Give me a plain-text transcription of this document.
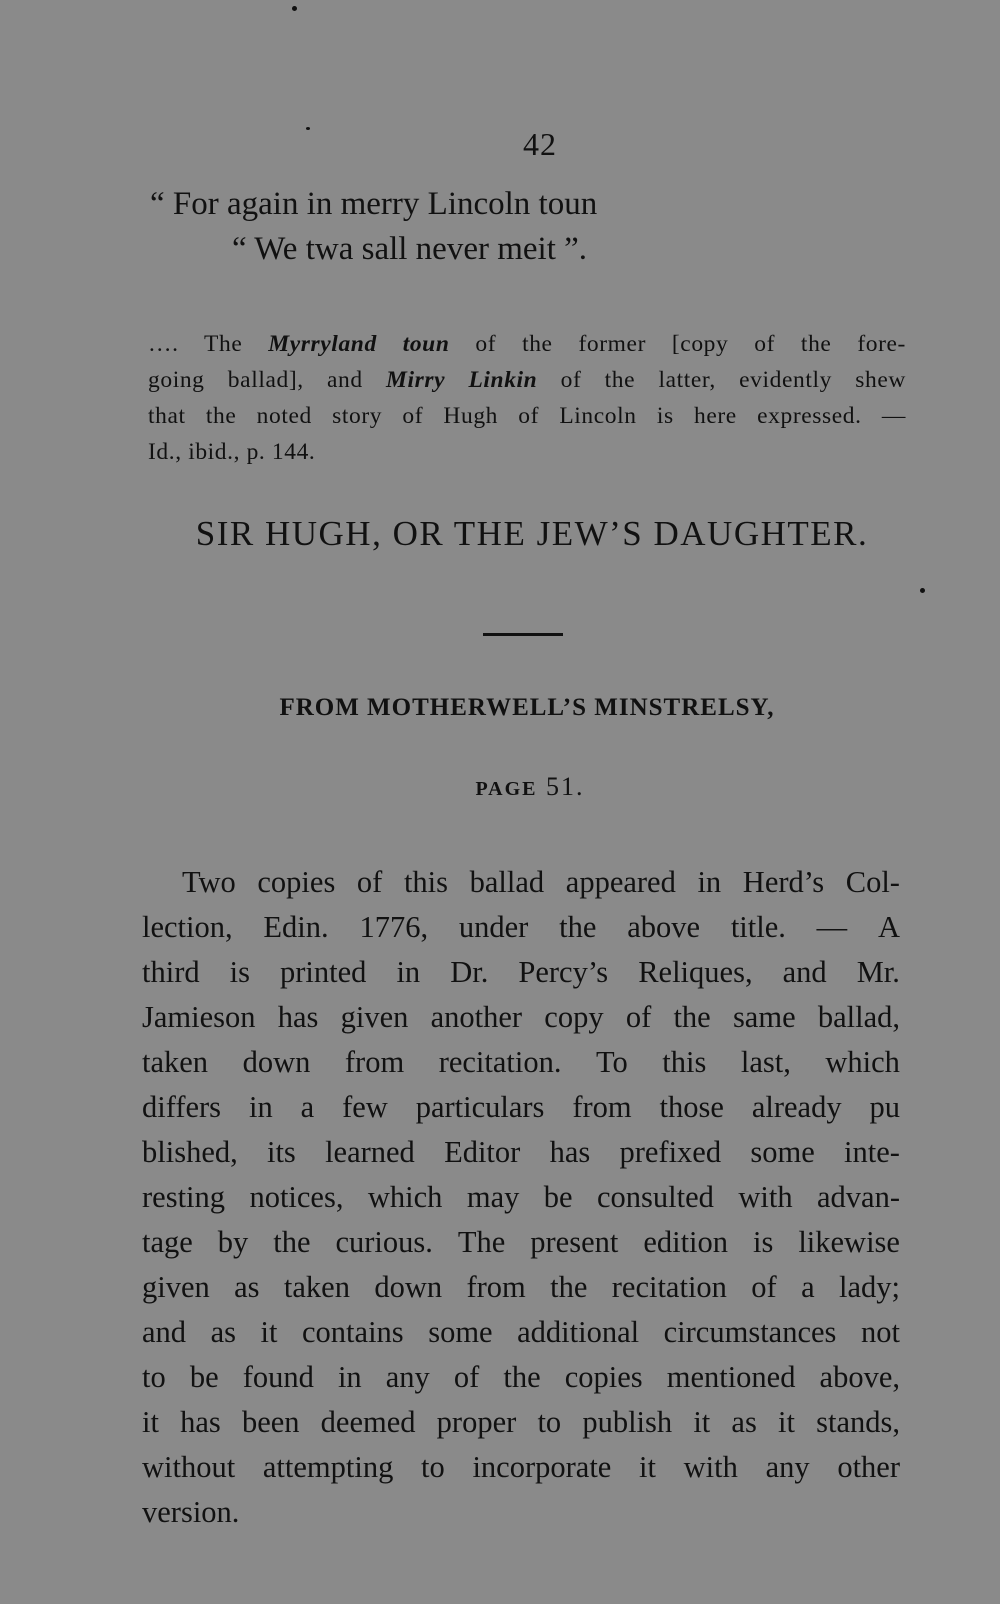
42
“ For again in merry Lincoln toun
“ We twa sall never meit ”.
…. The Myrryland toun of the former [copy of the fore-
going ballad], and Mirry Linkin of the latter, evidently shew
that the noted story of Hugh of Lincoln is here expressed. —
Id., ibid., p. 144.
SIR HUGH, OR THE JEW’S DAUGHTER.
FROM MOTHERWELL’S MINSTRELSY,
PAGE 51.
Two copies of this ballad appeared in Herd’s Col-
lection, Edin. 1776, under the above title. — A
third is printed in Dr. Percy’s Reliques, and Mr.
Jamieson has given another copy of the same ballad,
taken down from recitation. To this last, which
differs in a few particulars from those already pu
blished, its learned Editor has prefixed some inte-
resting notices, which may be consulted with advan-
tage by the curious. The present edition is likewise
given as taken down from the recitation of a lady;
and as it contains some additional circumstances not
to be found in any of the copies mentioned above,
it has been deemed proper to publish it as it stands,
without attempting to incorporate it with any other
version.
